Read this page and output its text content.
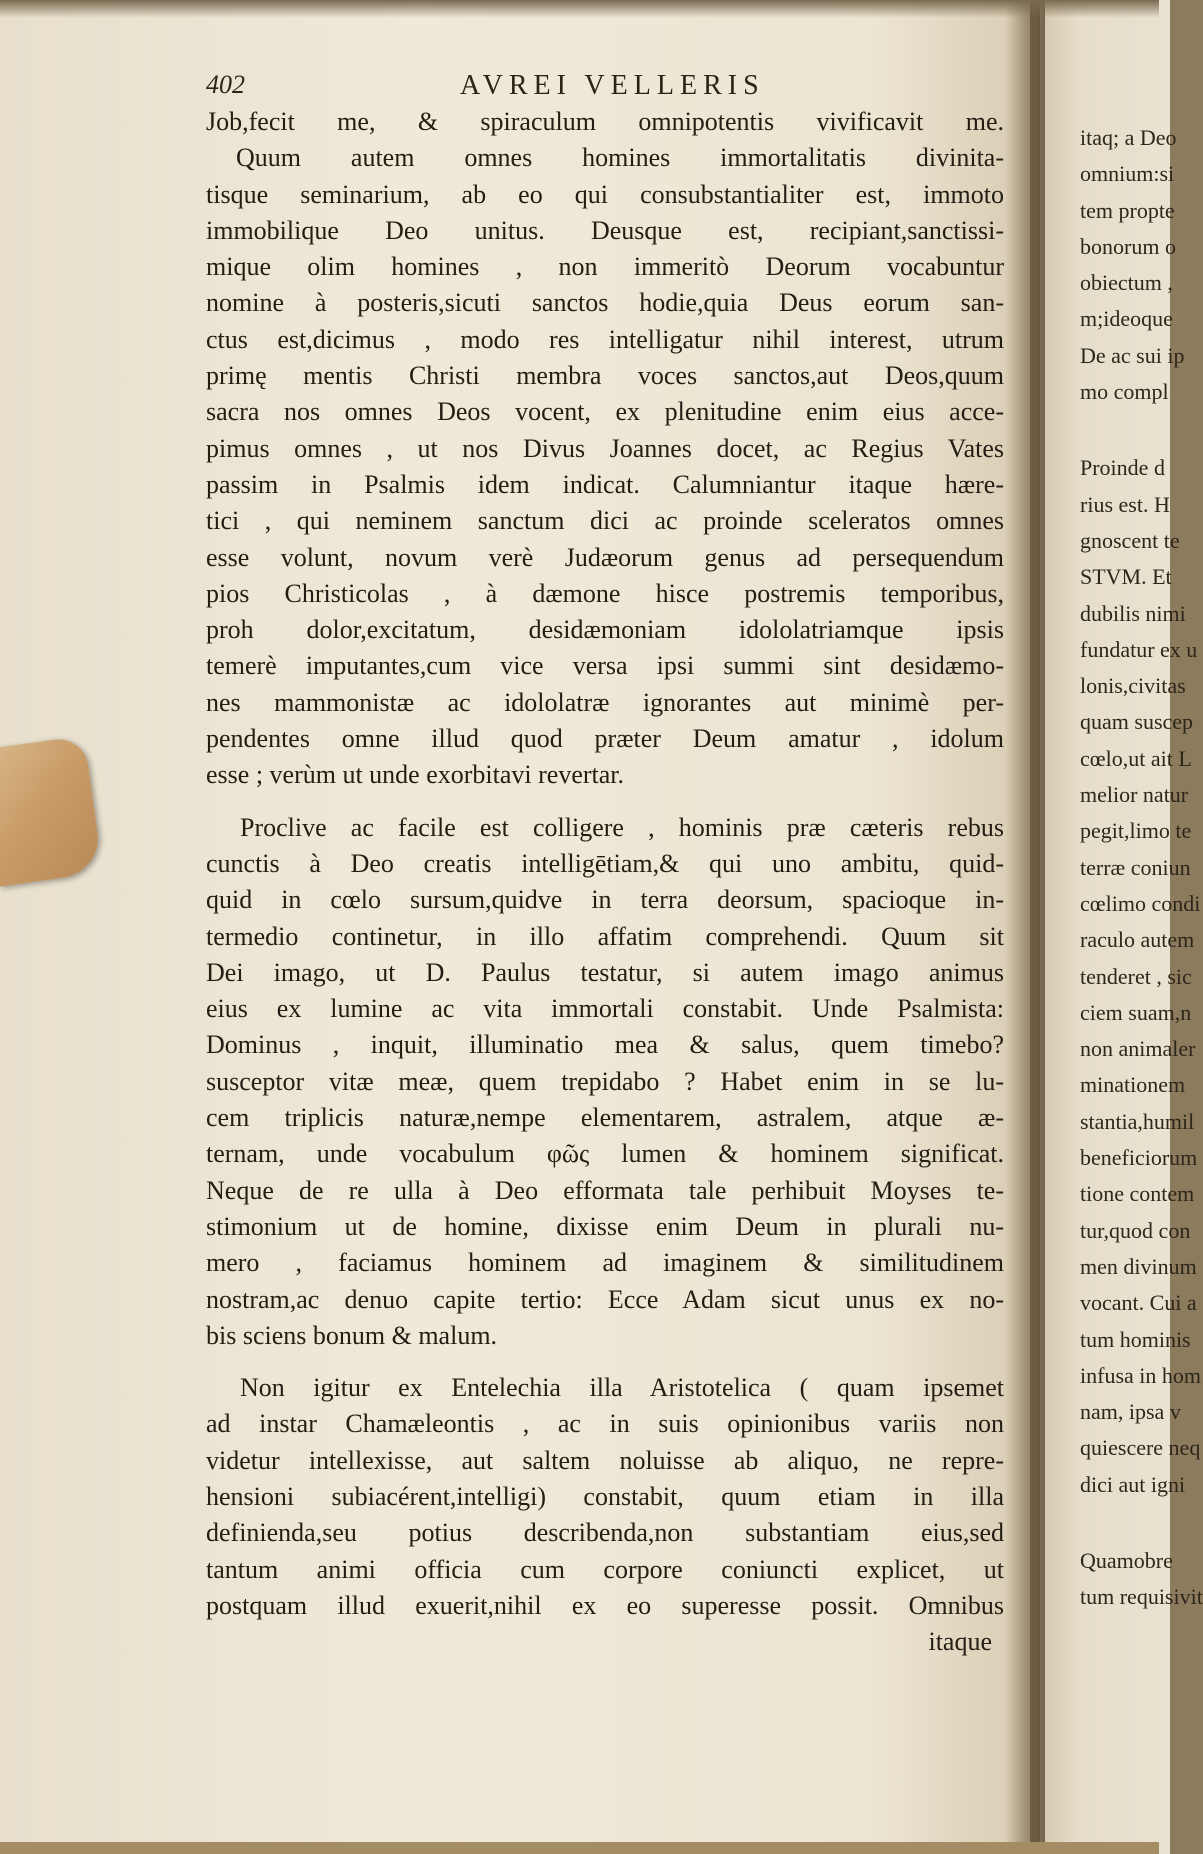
402	AVREI VELLERIS
Job,fecit me, & spiraculum omnipotentis vivificavit me.
Quum autem omnes homines immortalitatis divinita-
tisque seminarium, ab eo qui consubstantialiter est, immoto
immobilique Deo unitus. Deusque est, recipiant,sanctissi-
mique olim homines , non immeritò Deorum vocabuntur
nomine à posteris,sicuti sanctos hodie,quia Deus eorum san-
ctus est,dicimus , modo res intelligatur nihil interest, utrum
primę mentis Christi membra voces sanctos,aut Deos,quum
sacra nos omnes Deos vocent, ex plenitudine enim eius acce-
pimus omnes , ut nos Divus Joannes docet, ac Regius Vates
passim in Psalmis idem indicat. Calumniantur itaque hære-
tici , qui neminem sanctum dici ac proinde sceleratos omnes
esse volunt, novum verè Judæorum genus ad persequendum
pios Christicolas , à dæmone hisce postremis temporibus,
proh dolor,excitatum, desidæmoniam idololatriamque ipsis
temerè imputantes,cum vice versa ipsi summi sint desidæmo-
nes mammonistæ ac idololatræ ignorantes aut minimè per-
pendentes omne illud quod præter Deum amatur , idolum
esse ; verùm ut unde exorbitavi revertar.
Proclive ac facile est colligere , hominis præ cæteris rebus
cunctis à Deo creatis intelligētiam,& qui uno ambitu, quid-
quid in cœlo sursum,quidve in terra deorsum, spacioque in-
termedio continetur, in illo affatim comprehendi. Quum sit
Dei imago, ut D. Paulus testatur, si autem imago animus
eius ex lumine ac vita immortali constabit. Unde Psalmista:
Dominus , inquit, illuminatio mea & salus, quem timebo?
susceptor vitæ meæ, quem trepidabo ? Habet enim in se lu-
cem triplicis naturæ,nempe elementarem, astralem, atque æ-
ternam, unde vocabulum φῶς lumen & hominem significat.
Neque de re ulla à Deo efformata tale perhibuit Moyses te-
stimonium ut de homine, dixisse enim Deum in plurali nu-
mero , faciamus hominem ad imaginem & similitudinem
nostram,ac denuo capite tertio: Ecce Adam sicut unus ex no-
bis sciens bonum & malum.
Non igitur ex Entelechia illa Aristotelica ( quam ipsemet
ad instar Chamæleontis , ac in suis opinionibus variis non
videtur intellexisse, aut saltem noluisse ab aliquo, ne repre-
hensioni subiacérent,intelligi) constabit, quum etiam in illa
definienda,seu potius describenda,non substantiam eius,sed
tantum animi officia cum corpore coniuncti explicet, ut
postquam illud exuerit,nihil ex eo superesse possit. Omnibus
itaque
itaq; a Deo
omnium:si
tem propte
bonorum o
obiectum ,
m;ideoque
De ac sui ip
mo compl
Proinde d
rius est. H
gnoscent te
STVM. Et
dubilis nimi
fundatur ex u
lonis,civitas
quam suscep
cœlo,ut ait L
melior natur
pegit,limo te
terræ coniun
cœlimo condi
raculo autem
tenderet , sic
ciem suam,n
non animaler
minationem
stantia,humil
beneficiorum
tione contem
tur,quod con
men divinum
vocant. Cui a
tum hominis
infusa in hom
nam, ipsa v
quiescere neq
dici aut igni
Quamobre
tum requisivit
